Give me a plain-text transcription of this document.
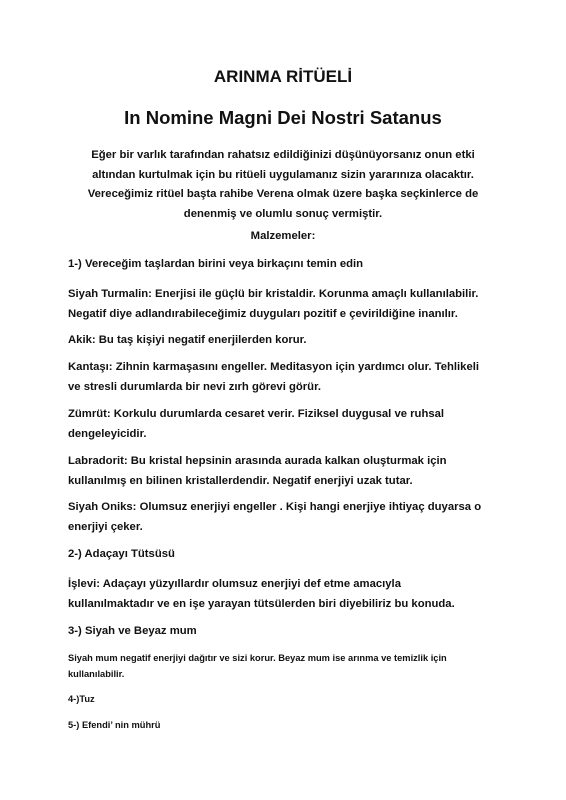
ARINMA RİTÜELİ
In Nomine Magni Dei Nostri Satanus

Eğer bir varlık tarafından rahatsız edildiğinizi düşünüyorsanız onun etki
altından kurtulmak için bu ritüeli uygulamanız sizin yararınıza olacaktır.
Vereceğimiz ritüel başta rahibe Verena olmak üzere başka seçkinlerce de
denenmiş ve olumlu sonuç vermiştir.

Malzemeler:

1-) Vereceğim taşlardan birini veya birkaçını temin edin

Siyah Turmalin: Enerjisi ile güçlü bir kristaldir. Korunma amaçlı kullanılabilir.
Negatif diye adlandırabileceğimiz duyguları pozitif e çevirildiğine inanılır.

Akik: Bu taş kişiyi negatif enerjilerden korur.

Kantaşı: Zihnin karmaşasını engeller. Meditasyon için yardımcı olur. Tehlikeli
ve stresli durumlarda bir nevi zırh görevi görür.

Zümrüt: Korkulu durumlarda cesaret verir. Fiziksel duygusal ve ruhsal
dengeleyicidir.

Labradorit: Bu kristal hepsinin arasında aurada kalkan oluşturmak için
kullanılmış en bilinen kristallerdendir. Negatif enerjiyi uzak tutar.

Siyah Oniks: Olumsuz enerjiyi engeller . Kişi hangi enerjiye ihtiyaç duyarsa o
enerjiyi çeker.

2-) Adaçayı Tütsüsü

İşlevi: Adaçayı yüzyıllardır olumsuz enerjiyi def etme amacıyla
kullanılmaktadır ve en işe yarayan tütsülerden biri diyebiliriz bu konuda.

3-) Siyah ve Beyaz mum

Siyah mum negatif enerjiyi dağıtır ve sizi korur. Beyaz mum ise arınma ve temizlik için
kullanılabilir.

4-)Tuz

5-) Efendi’ nin mührü
